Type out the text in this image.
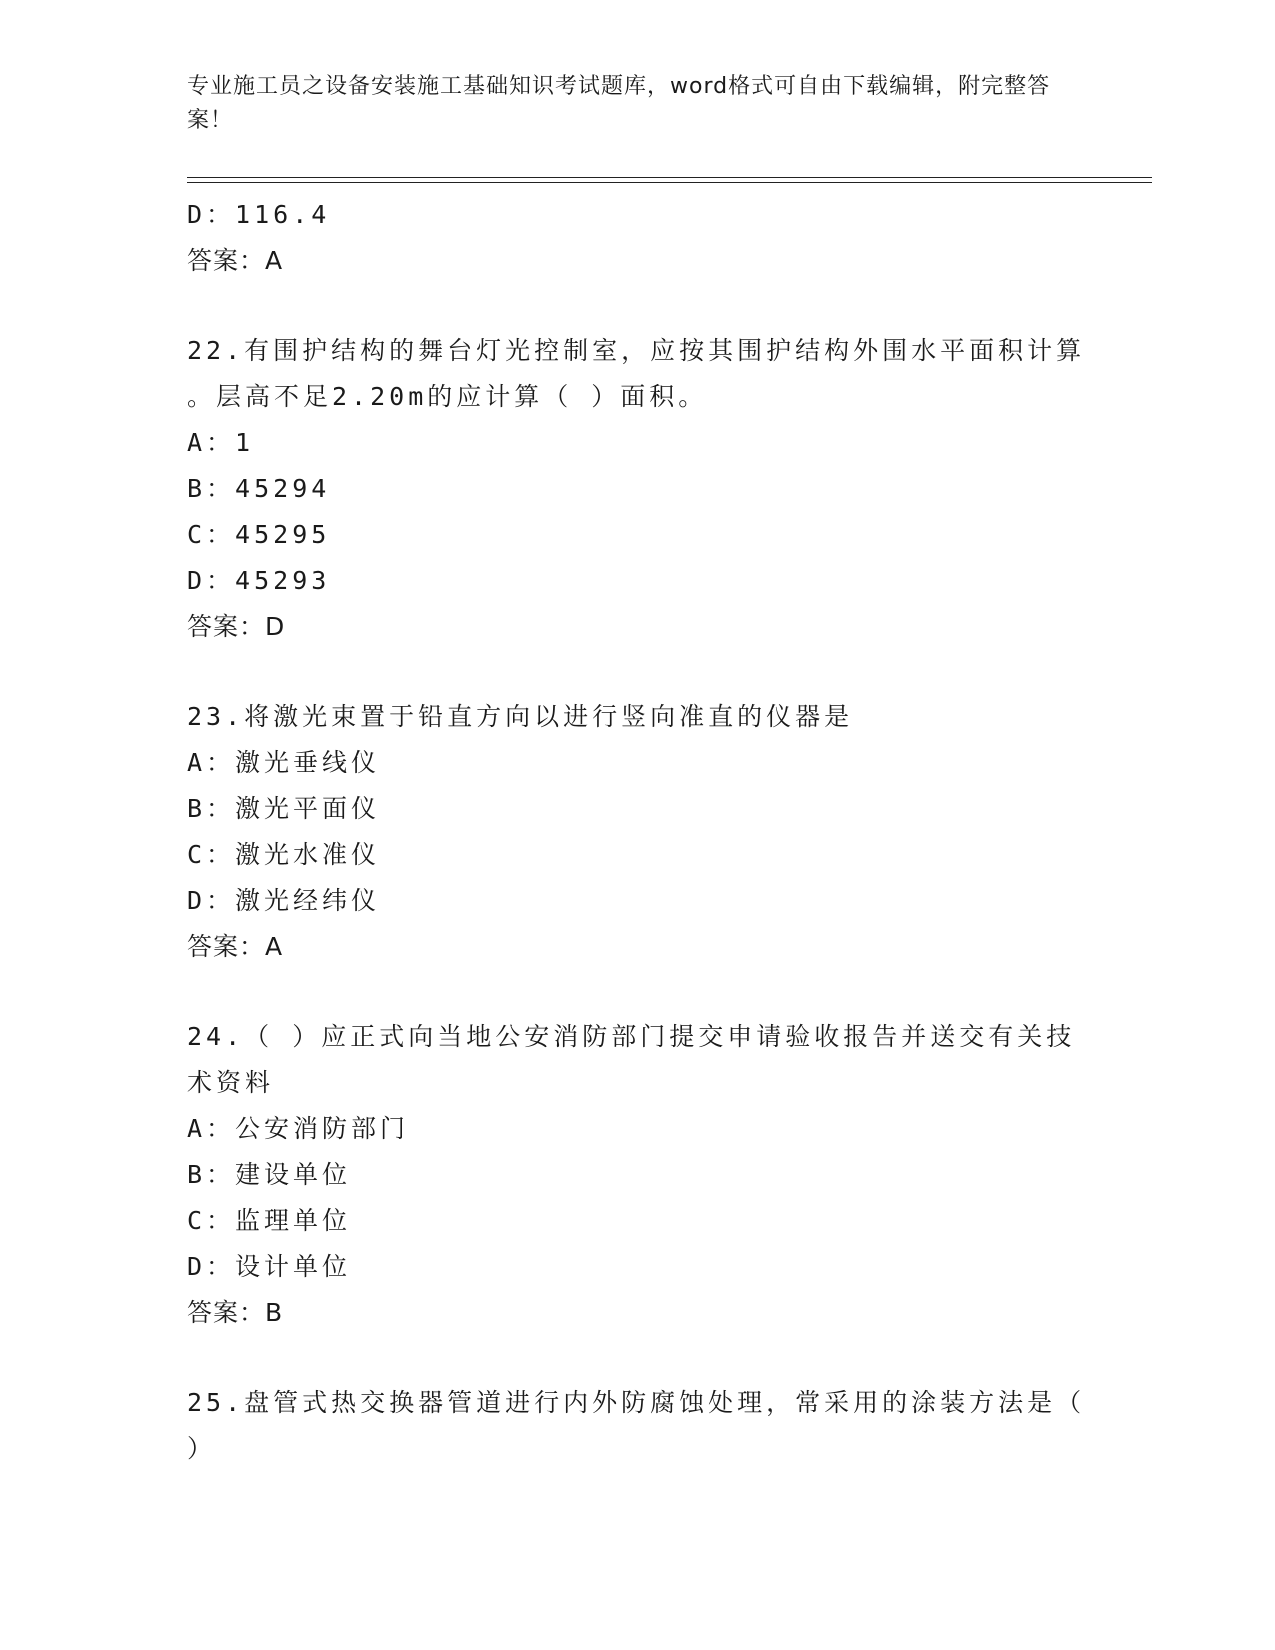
专业施工员之设备安装施工基础知识考试题库，word格式可自由下载编辑，附完整答案！
D：116.4
答案：A
22.有围护结构的舞台灯光控制室，应按其围护结构外围水平面积计算
。层高不足2.20m的应计算（ ）面积。
A：1
B：45294
C：45295
D：45293
答案：D
23.将激光束置于铅直方向以进行竖向准直的仪器是
A：激光垂线仪
B：激光平面仪
C：激光水准仪
D：激光经纬仪
答案：A
24.（ ）应正式向当地公安消防部门提交申请验收报告并送交有关技
术资料
A：公安消防部门
B：建设单位
C：监理单位
D：设计单位
答案：B
25.盘管式热交换器管道进行内外防腐蚀处理，常采用的涂装方法是（
）
